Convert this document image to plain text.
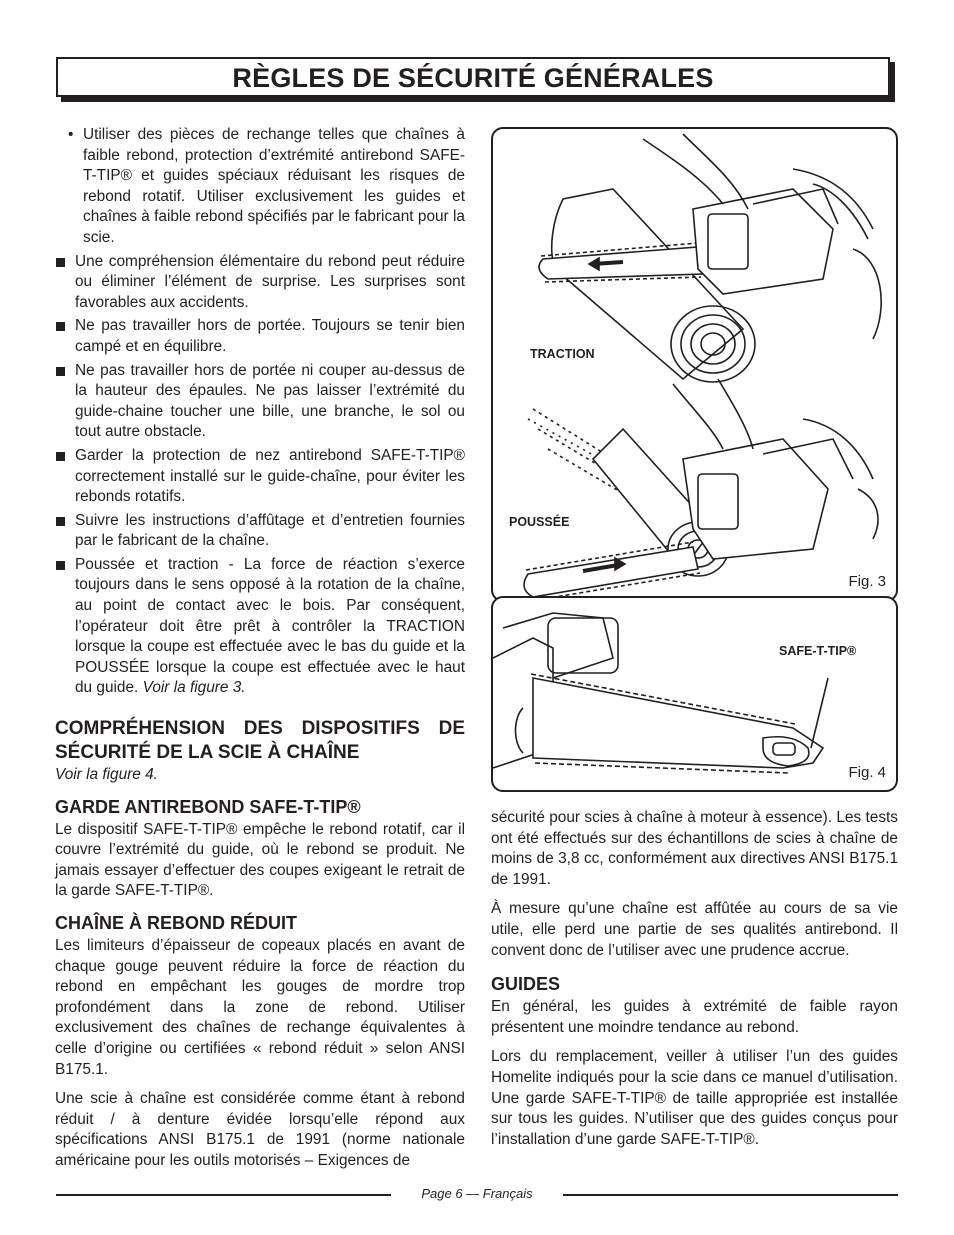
RÈGLES DE SÉCURITÉ GÉNÉRALES
• Utiliser des pièces de rechange telles que chaînes à faible rebond, protection d’extrémité antirebond SAFE-T-TIP® et guides spéciaux réduisant les risques de rebond rotatif. Utiliser exclusivement les guides et chaînes à faible rebond spécifiés par le fabricant pour la scie.
Une compréhension élémentaire du rebond peut réduire ou éliminer l’élément de surprise. Les surprises sont favorables aux accidents.
Ne pas travailler hors de portée. Toujours se tenir bien campé et en équilibre.
Ne pas travailler hors de portée ni couper au-dessus de la hauteur des épaules. Ne pas laisser l’extrémité du guide-chaine toucher une bille, une branche, le sol ou tout autre obstacle.
Garder la protection de nez antirebond SAFE-T-TIP® correctement installé sur le guide-chaîne, pour éviter les rebonds rotatifs.
Suivre les instructions d’affûtage et d’entretien fournies par le fabricant de la chaîne.
Poussée et traction - La force de réaction s’exerce toujours dans le sens opposé à la rotation de la chaîne, au point de contact avec le bois. Par conséquent, l’opérateur doit être prêt à contrôler la TRACTION lorsque la coupe est effectuée avec le bas du guide et la POUSSÉE lorsque la coupe est effectuée avec le haut du guide. Voir la figure 3.
COMPRÉHENSION DES DISPOSITIFS DE SÉCURITÉ DE LA SCIE À CHAÎNE

Voir la figure 4.

GARDE ANTIREBOND SAFE-T-TIP®

Le dispositif SAFE-T-TIP® empêche le rebond rotatif, car il couvre l’extrémité du guide, où le rebond se produit. Ne jamais essayer d’effectuer des coupes exigeant le retrait de la garde SAFE-T-TIP®.

CHAÎNE À REBOND RÉDUIT

Les limiteurs d’épaisseur de copeaux placés en avant de chaque gouge peuvent réduire la force de réaction du rebond en empêchant les gouges de mordre trop profondément dans la zone de rebond. Utiliser exclusivement des chaînes de rechange équivalentes à celle d’origine ou certifiées « rebond réduit » selon ANSI B175.1.

Une scie à chaîne est considérée comme étant à rebond réduit / à denture évidée lorsqu’elle répond aux spécifications ANSI B175.1 de 1991 (norme nationale américaine pour les outils motorisés – Exigences de

TRACTION
POUSSÉE
Fig. 3
SAFE-T-TIP®
Fig. 4

sécurité pour scies à chaîne à moteur à essence). Les tests ont été effectués sur des échantillons de scies à chaîne de moins de 3,8 cc, conformément aux directives ANSI B175.1 de 1991.

À mesure qu’une chaîne est affûtée au cours de sa vie utile, elle perd une partie de ses qualités antirebond. Il convent donc de l’utiliser avec une prudence accrue.

GUIDES

En général, les guides à extrémité de faible rayon présentent une moindre tendance au rebond.

Lors du remplacement, veiller à utiliser l’un des guides Homelite indiqués pour la scie dans ce manuel d’utilisation. Une garde SAFE-T-TIP® de taille appropriée est installée sur tous les guides. N’utiliser que des guides conçus pour l’installation d’une garde SAFE-T-TIP®.

Page 6 — Français
